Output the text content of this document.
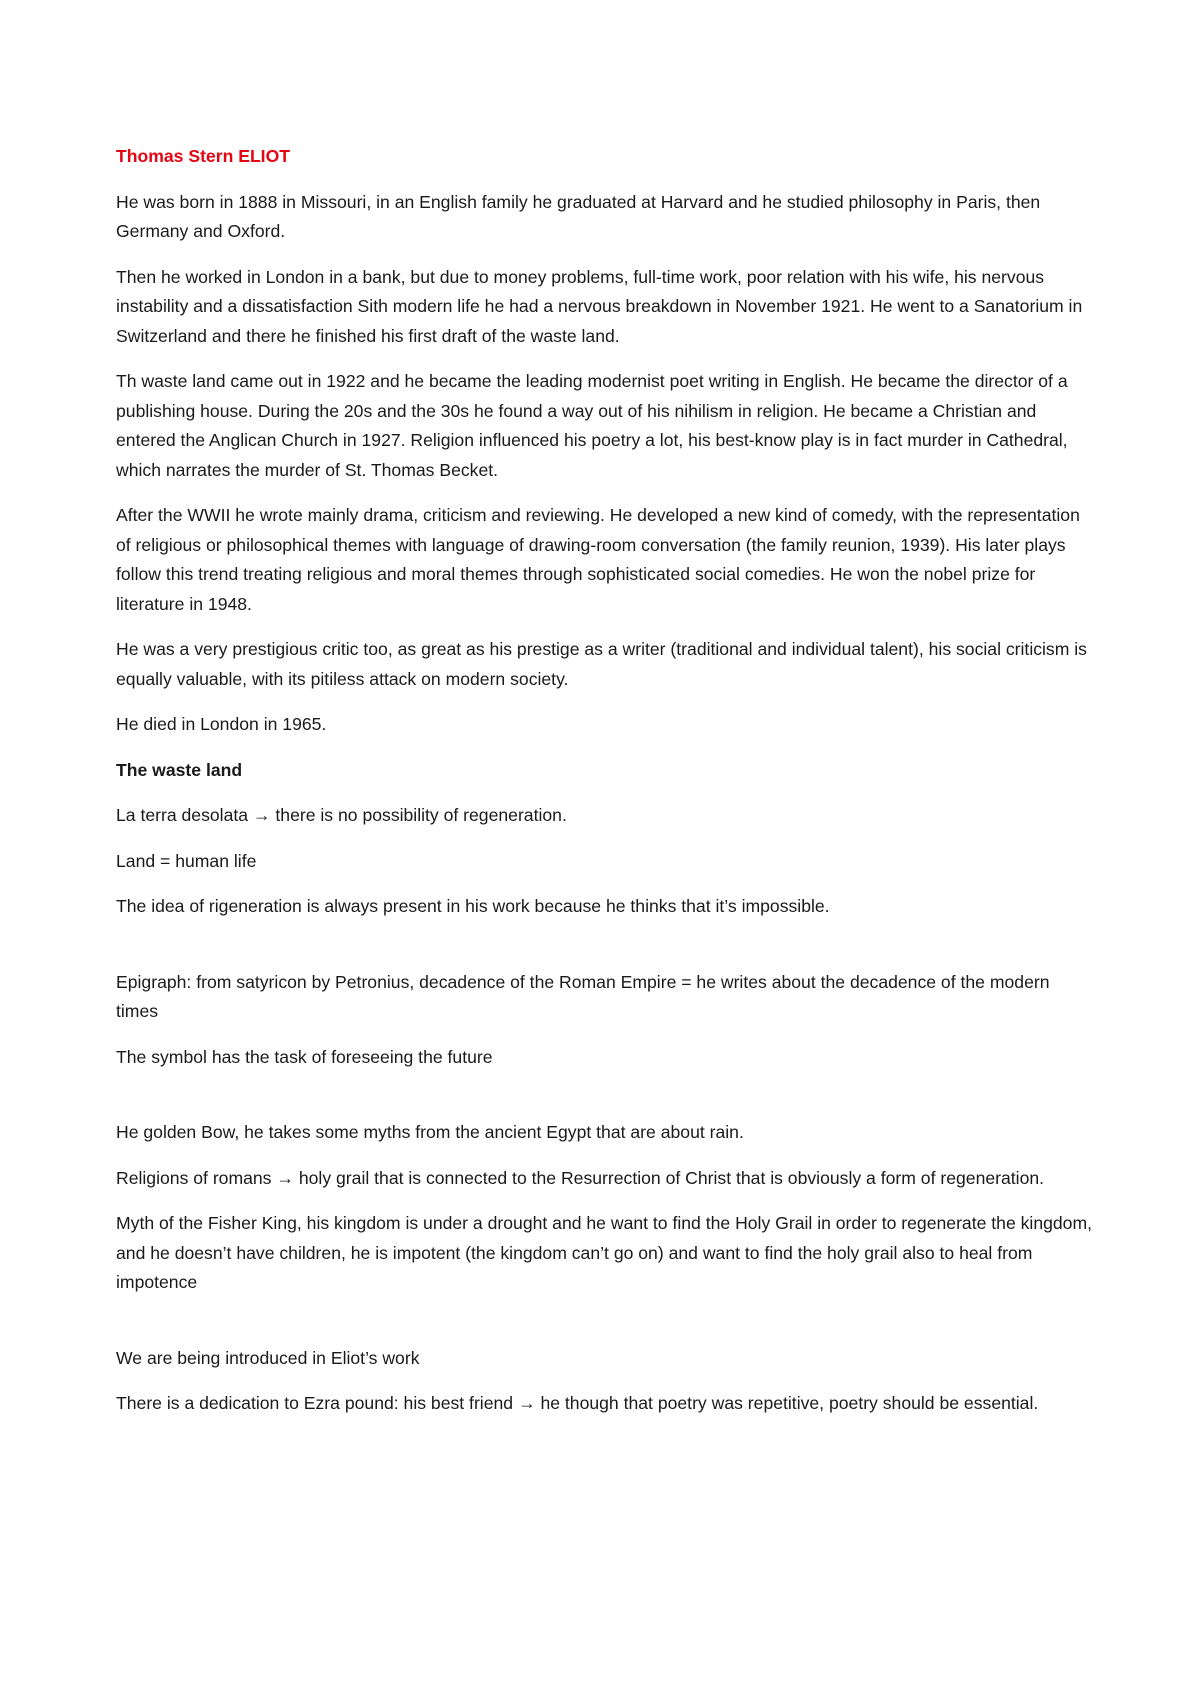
Thomas Stern ELIOT

He was born in 1888 in Missouri, in an English family he graduated at Harvard and he studied philosophy in Paris, then Germany and Oxford.

Then he worked in London in a bank, but due to money problems, full-time work, poor relation with his wife, his nervous instability and a dissatisfaction Sith modern life he had a nervous breakdown in November 1921. He went to a Sanatorium in Switzerland and there he finished his first draft of the waste land.

Th waste land came out in 1922 and he became the leading modernist poet writing in English. He became the director of a publishing house. During the 20s and the 30s he found a way out of his nihilism in religion. He became a Christian and entered the Anglican Church in 1927. Religion influenced his poetry a lot, his best-know play is in fact murder in Cathedral, which narrates the murder of St. Thomas Becket.

After the WWII he wrote mainly drama, criticism and reviewing. He developed a new kind of comedy, with the representation of religious or philosophical themes with language of drawing-room conversation (the family reunion, 1939). His later plays follow this trend treating religious and moral themes through sophisticated social comedies. He won the nobel prize for literature in 1948.

He was a very prestigious critic too, as great as his prestige as a writer (traditional and individual talent), his social criticism is equally valuable, with its pitiless attack on modern society.

He died in London in 1965.

The waste land

La terra desolata → there is no possibility of regeneration.

Land = human life

The idea of rigeneration is always present in his work because he thinks that it’s impossible.

Epigraph: from satyricon by Petronius, decadence of the Roman Empire = he writes about the decadence of the modern times

The symbol has the task of foreseeing the future

He golden Bow, he takes some myths from the ancient Egypt that are about rain.

Religions of romans → holy grail that is connected to the Resurrection of Christ that is obviously a form of regeneration.

Myth of the Fisher King, his kingdom is under a drought and he want to find the Holy Grail in order to regenerate the kingdom, and he doesn’t have children, he is impotent (the kingdom can’t go on) and want to find the holy grail also to heal from impotence

We are being introduced in Eliot’s work

There is a dedication to Ezra pound: his best friend → he though that poetry was repetitive, poetry should be essential.
